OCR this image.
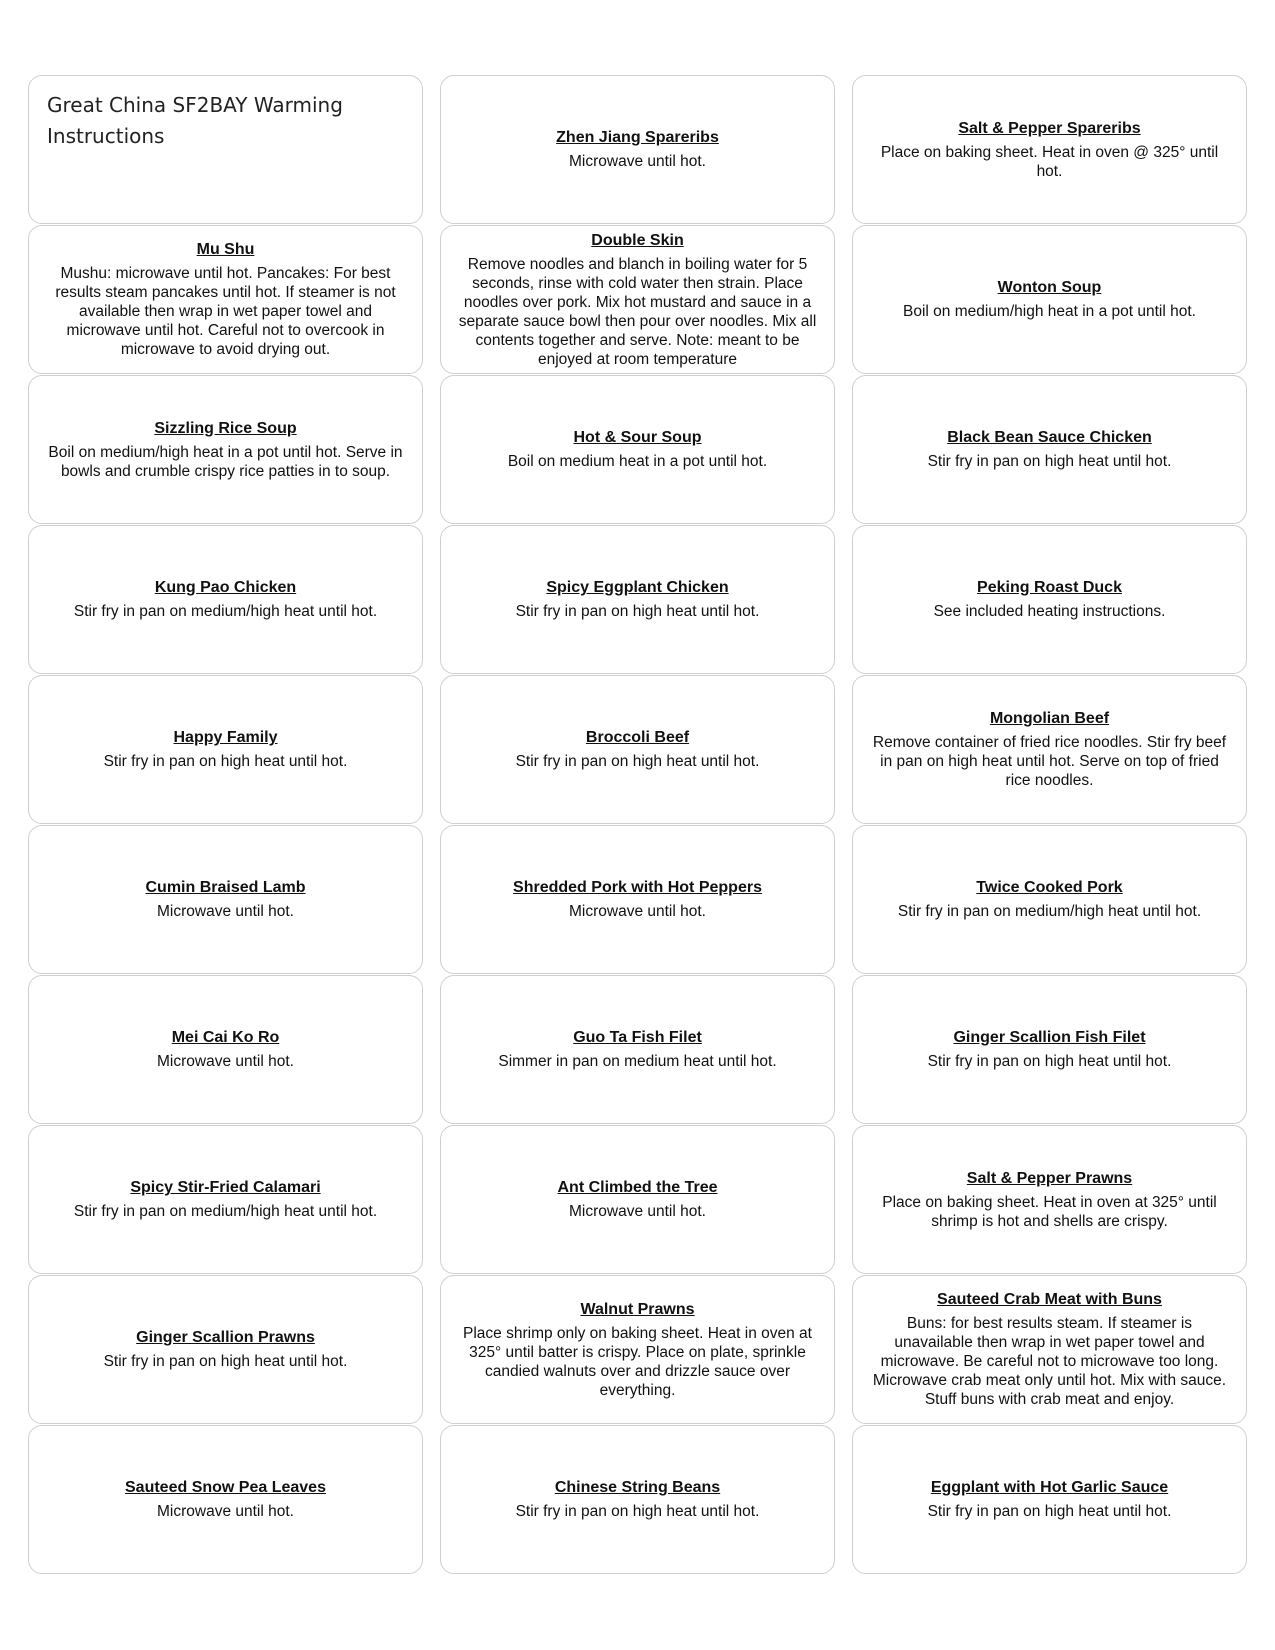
Great China SF2BAY Warming Instructions	Zhen Jiang Spareribs
Microwave until hot.
Salt & Pepper Spareribs
Place on baking sheet. Heat in oven @ 325° until hot.
Mu Shu
Mushu: microwave until hot. Pancakes: For best results steam pancakes until hot. If steamer is not available then wrap in wet paper towel and microwave until hot. Careful not to overcook in microwave to avoid drying out.
Double Skin
Remove noodles and blanch in boiling water for 5 seconds, rinse with cold water then strain. Place noodles over pork. Mix hot mustard and sauce in a separate sauce bowl then pour over noodles. Mix all contents together and serve. Note: meant to be enjoyed at room temperature
Wonton Soup
Boil on medium/high heat in a pot until hot.
Sizzling Rice Soup
Boil on medium/high heat in a pot until hot. Serve in bowls and crumble crispy rice patties in to soup.
Hot & Sour Soup
Boil on medium heat in a pot until hot.
Black Bean Sauce Chicken
Stir fry in pan on high heat until hot.
Kung Pao Chicken
Stir fry in pan on medium/high heat until hot.
Spicy Eggplant Chicken
Stir fry in pan on high heat until hot.
Peking Roast Duck
See included heating instructions.
Happy Family
Stir fry in pan on high heat until hot.
Broccoli Beef
Stir fry in pan on high heat until hot.
Mongolian Beef
Remove container of fried rice noodles. Stir fry beef in pan on high heat until hot. Serve on top of fried rice noodles.
Cumin Braised Lamb
Microwave until hot.
Shredded Pork with Hot Peppers
Microwave until hot.
Twice Cooked Pork
Stir fry in pan on medium/high heat until hot.
Mei Cai Ko Ro
Microwave until hot.
Guo Ta Fish Filet
Simmer in pan on medium heat until hot.
Ginger Scallion Fish Filet
Stir fry in pan on high heat until hot.
Spicy Stir-Fried Calamari
Stir fry in pan on medium/high heat until hot.
Ant Climbed the Tree
Microwave until hot.
Salt & Pepper Prawns
Place on baking sheet. Heat in oven at 325° until shrimp is hot and shells are crispy.
Ginger Scallion Prawns
Stir fry in pan on high heat until hot.
Walnut Prawns
Place shrimp only on baking sheet. Heat in oven at 325° until batter is crispy. Place on plate, sprinkle candied walnuts over and drizzle sauce over everything.
Sauteed Crab Meat with Buns
Buns: for best results steam. If steamer is unavailable then wrap in wet paper towel and microwave. Be careful not to microwave too long. Microwave crab meat only until hot. Mix with sauce. Stuff buns with crab meat and enjoy.
Sauteed Snow Pea Leaves
Microwave until hot.
Chinese String Beans
Stir fry in pan on high heat until hot.
Eggplant with Hot Garlic Sauce
Stir fry in pan on high heat until hot.
